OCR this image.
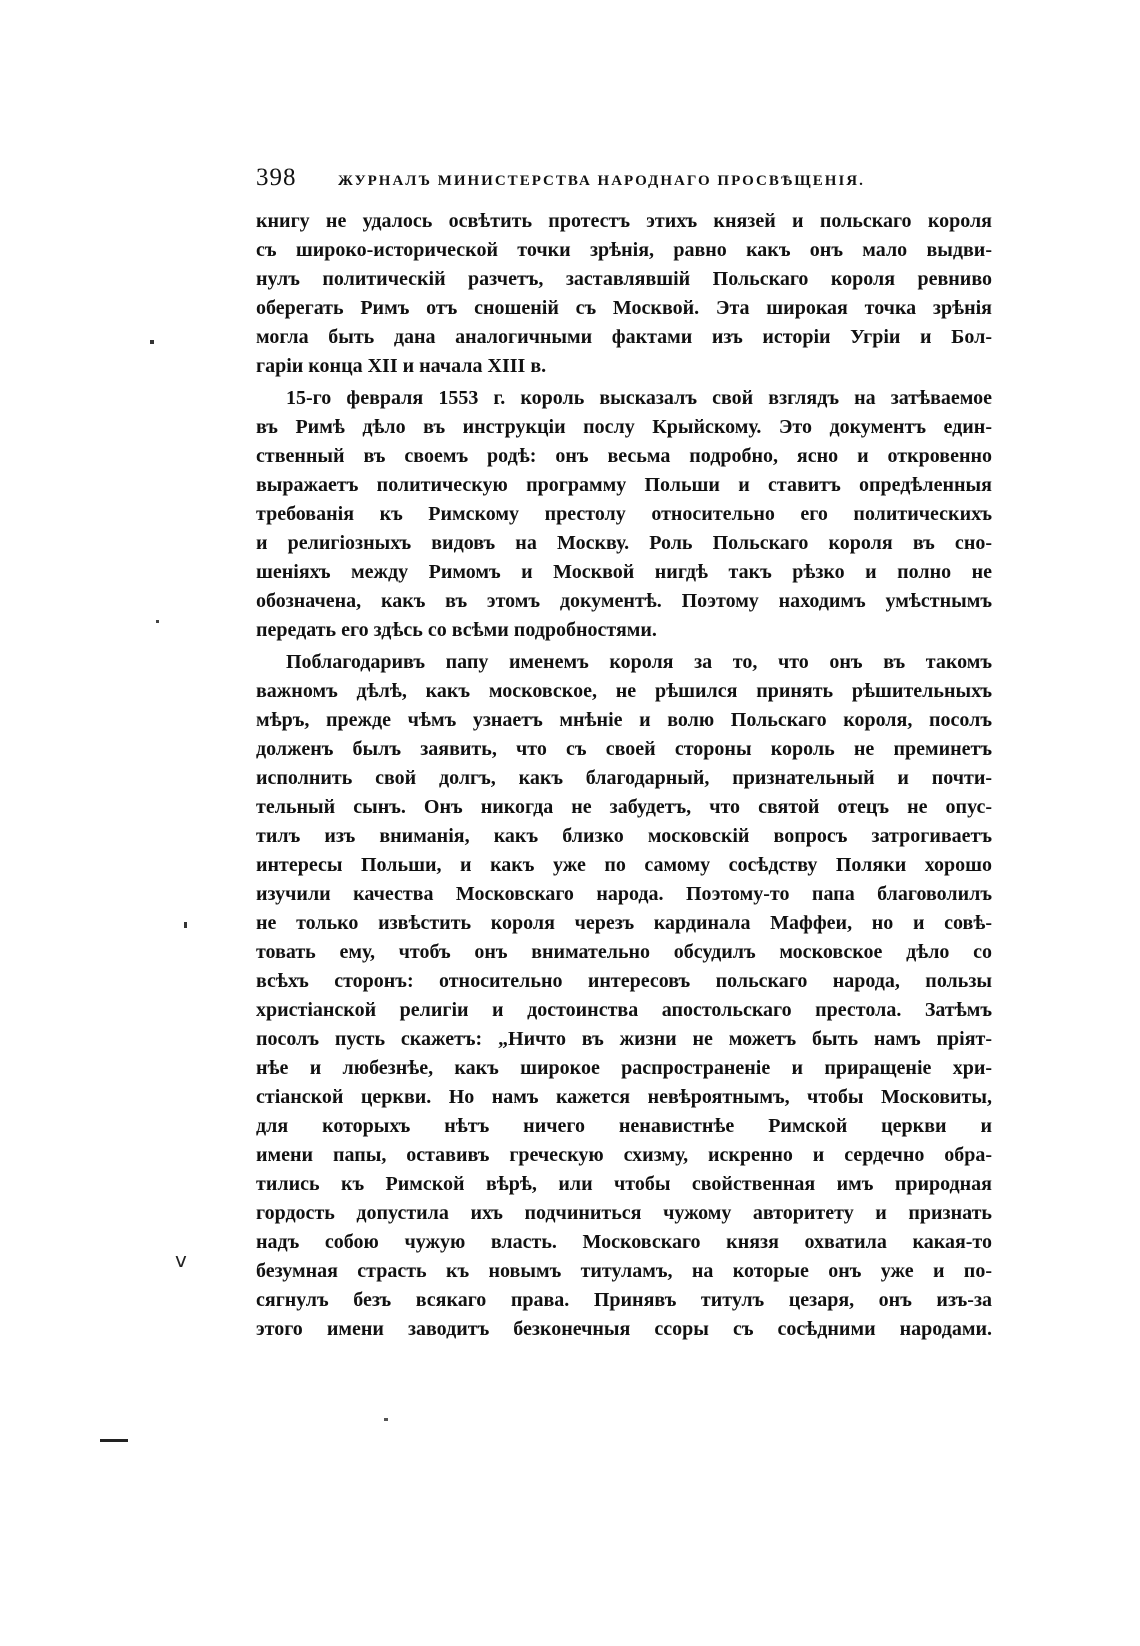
398	ЖУРНАЛЪ МИНИСТЕРСТВА НАРОДНАГО ПРОСВѢЩЕНІЯ.
книгу не удалось освѣтить протестъ этихъ князей и польскаго короля
съ широко-исторической точки зрѣнія, равно какъ онъ мало выдви-
нулъ политическій разчетъ, заставлявшій Польскаго короля ревниво
оберегать Римъ отъ сношеній съ Москвой. Эта широкая точка зрѣнія
могла быть дана аналогичными фактами изъ исторіи Угріи и Бол-
гаріи конца XII и начала XIII в.
15-го февраля 1553 г. король высказалъ свой взглядъ на затѣваемое
въ Римѣ дѣло въ инструкціи послу Крыйскому. Это документъ един-
ственный въ своемъ родѣ: онъ весьма подробно, ясно и откровенно
выражаетъ политическую программу Польши и ставитъ опредѣленныя
требованія къ Римскому престолу относительно его политическихъ
и религіозныхъ видовъ на Москву. Роль Польскаго короля въ сно-
шеніяхъ между Римомъ и Москвой нигдѣ такъ рѣзко и полно не
обозначена, какъ въ этомъ документѣ. Поэтому находимъ умѣстнымъ
передать его здѣсь со всѣми подробностями.
Поблагодаривъ папу именемъ короля за то, что онъ въ такомъ
важномъ дѣлѣ, какъ московское, не рѣшился принять рѣшительныхъ
мѣръ, прежде чѣмъ узнаетъ мнѣніе и волю Польскаго короля, посолъ
долженъ былъ заявить, что съ своей стороны король не преминетъ
исполнить свой долгъ, какъ благодарный, признательный и почти-
тельный сынъ. Онъ никогда не забудетъ, что святой отецъ не опус-
тилъ изъ вниманія, какъ близко московскій вопросъ затрогиваетъ
интересы Польши, и какъ уже по самому сосѣдству Поляки хорошо
изучили качества Московскаго народа. Поэтому-то папа благоволилъ
не только извѣстить короля черезъ кардинала Маффеи, но и совѣ-
товать ему, чтобъ онъ внимательно обсудилъ московское дѣло со
всѣхъ сторонъ: относительно интересовъ польскаго народа, пользы
христіанской религіи и достоинства апостольскаго престола. Затѣмъ
посолъ пусть скажетъ: „Ничто въ жизни не можетъ быть намъ пріят-
нѣе и любезнѣе, какъ широкое распространеніе и приращеніе хри-
стіанской церкви. Но намъ кажется невѣроятнымъ, чтобы Московиты,
для которыхъ нѣтъ ничего ненавистнѣе Римской церкви и
имени папы, оставивъ греческую схизму, искренно и сердечно обра-
тились къ Римской вѣрѣ, или чтобы свойственная имъ природная
гордость допустила ихъ подчиниться чужому авторитету и признать
надъ собою чужую власть. Московскаго князя охватила какая-то
безумная страсть къ новымъ титуламъ, на которые онъ уже и по-
сягнулъ безъ всякаго права. Принявъ титулъ цезаря, онъ изъ-за
этого имени заводитъ безконечныя ссоры съ сосѣдними народами.
v
